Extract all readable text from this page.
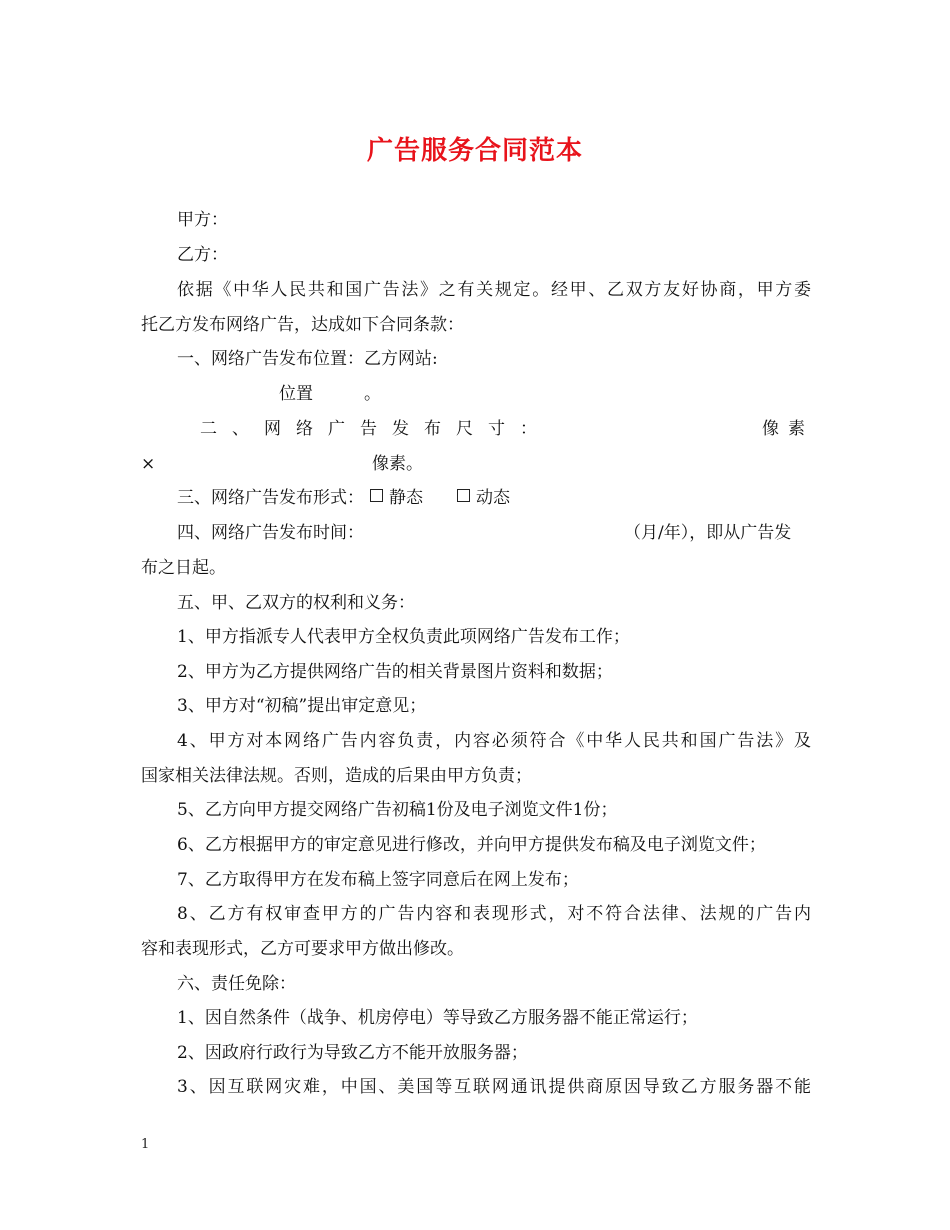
广告服务合同范本
甲方：
乙方：
依据《中华人民共和国广告法》之有关规定。经甲、乙双方友好协商，甲方委
托乙方发布网络广告，达成如下合同条款：
一、网络广告发布位置：乙方网站:
位置	。
二、网络广告发布尺寸：	像素
×	像素。
三、网络广告发布形式： 静态	动态
四、网络广告发布时间：	（月/年），即从广告发
布之日起。
五、甲、乙双方的权利和义务：
1、甲方指派专人代表甲方全权负责此项网络广告发布工作；
2、甲方为乙方提供网络广告的相关背景图片资料和数据；
3、甲方对“初稿”提出审定意见；
4、甲方对本网络广告内容负责，内容必须符合《中华人民共和国广告法》及
国家相关法律法规。否则，造成的后果由甲方负责；
5、乙方向甲方提交网络广告初稿1份及电子浏览文件1份；
6、乙方根据甲方的审定意见进行修改，并向甲方提供发布稿及电子浏览文件；
7、乙方取得甲方在发布稿上签字同意后在网上发布；
8、乙方有权审查甲方的广告内容和表现形式，对不符合法律、法规的广告内
容和表现形式，乙方可要求甲方做出修改。
六、责任免除：
1、因自然条件（战争、机房停电）等导致乙方服务器不能正常运行；
2、因政府行政行为导致乙方不能开放服务器；
3、因互联网灾难，中国、美国等互联网通讯提供商原因导致乙方服务器不能
1
